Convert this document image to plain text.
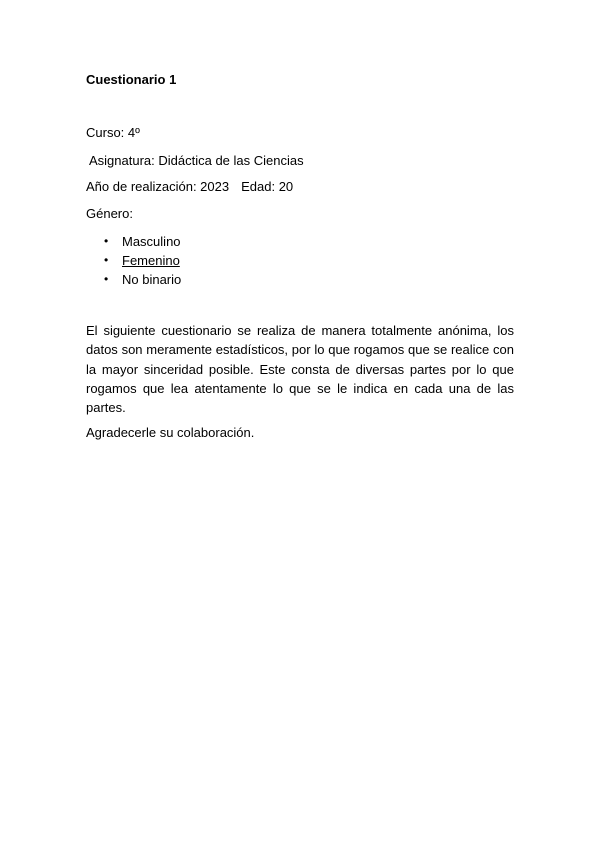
Cuestionario 1

Curso: 4º

Asignatura: Didáctica de las Ciencias

Año de realización: 2023 Edad: 20

Género:

• Masculino
• Femenino
• No binario

El siguiente cuestionario se realiza de manera totalmente anónima, los datos son meramente estadísticos, por lo que rogamos que se realice con la mayor sinceridad posible. Este consta de diversas partes por lo que rogamos que lea atentamente lo que se le indica en cada una de las partes.

Agradecerle su colaboración.
